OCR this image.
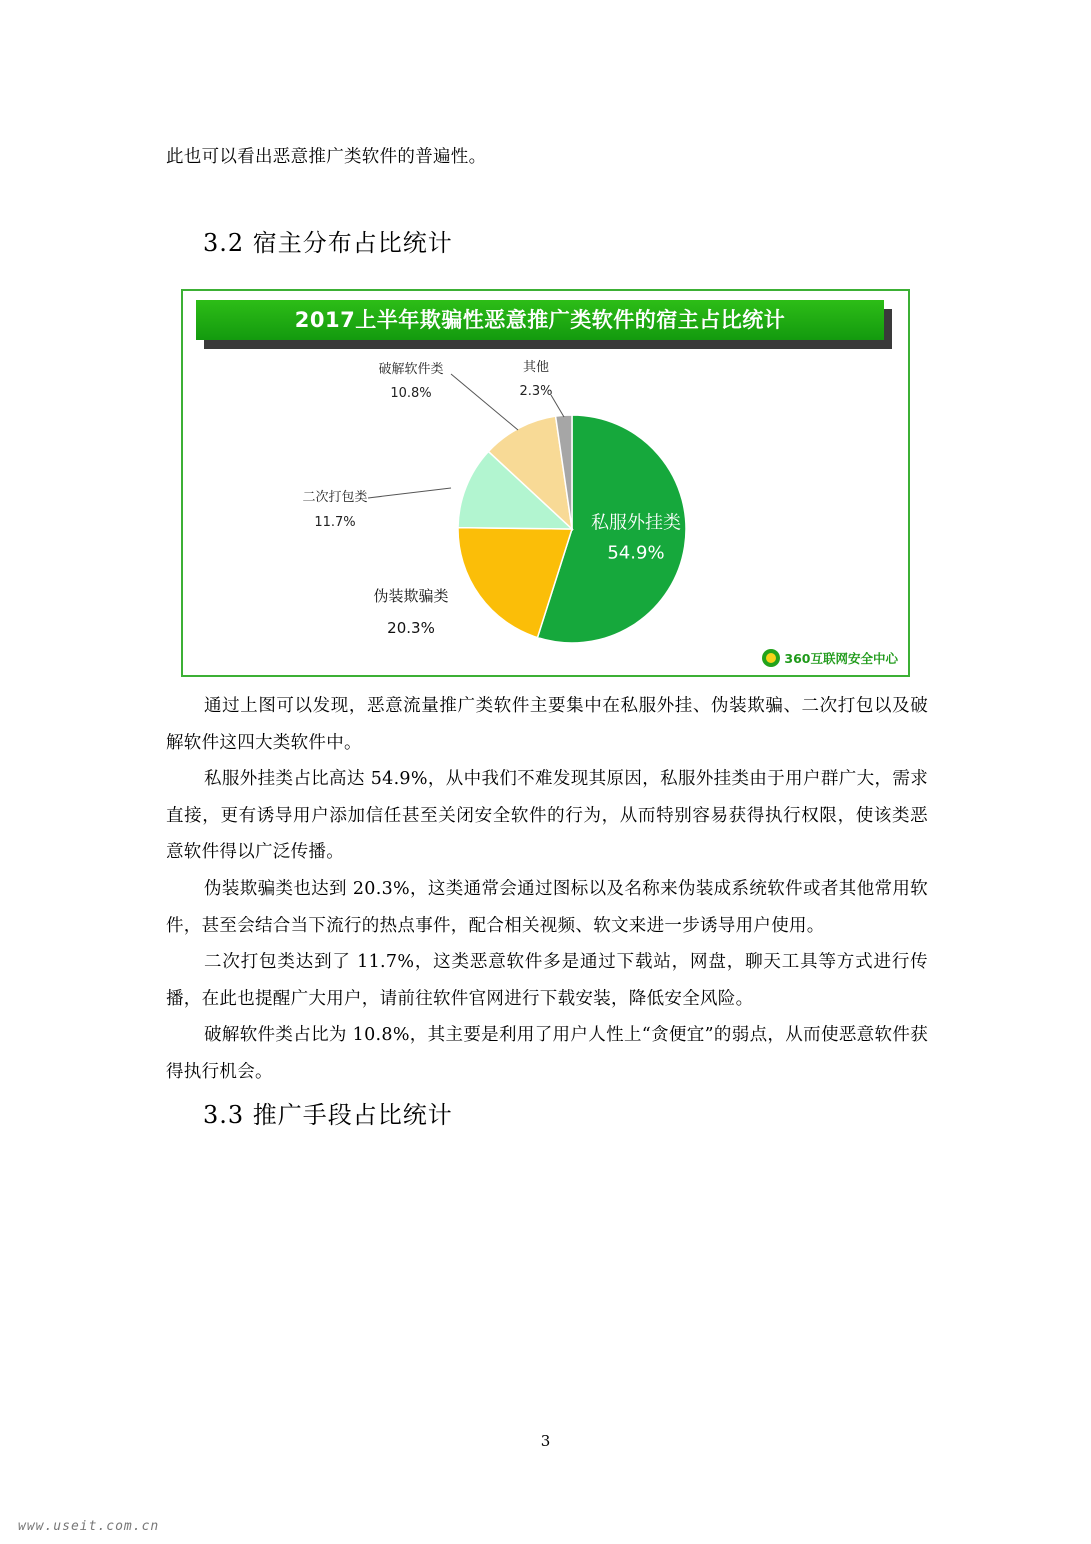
此也可以看出恶意推广类软件的普遍性。

3.2 宿主分布占比统计
2017上半年欺骗性恶意推广类软件的宿主占比统计
私服外挂类
54.9%
伪装欺骗类
20.3%
二次打包类
11.7%
破解软件类
10.8%
其他
2.3%
360互联网安全中心

通过上图可以发现，恶意流量推广类软件主要集中在私服外挂、伪装欺骗、二次打包以及破解软件这四大类软件中。

私服外挂类占比高达 54.9%，从中我们不难发现其原因，私服外挂类由于用户群广大，需求直接，更有诱导用户添加信任甚至关闭安全软件的行为，从而特别容易获得执行权限，使该类恶意软件得以广泛传播。

伪装欺骗类也达到 20.3%，这类通常会通过图标以及名称来伪装成系统软件或者其他常用软件，甚至会结合当下流行的热点事件，配合相关视频、软文来进一步诱导用户使用。

二次打包类达到了 11.7%，这类恶意软件多是通过下载站，网盘，聊天工具等方式进行传播，在此也提醒广大用户，请前往软件官网进行下载安装，降低安全风险。

破解软件类占比为 10.8%，其主要是利用了用户人性上“贪便宜”的弱点，从而使恶意软件获得执行机会。

3.3 推广手段占比统计
3
www.useit.com.cn
